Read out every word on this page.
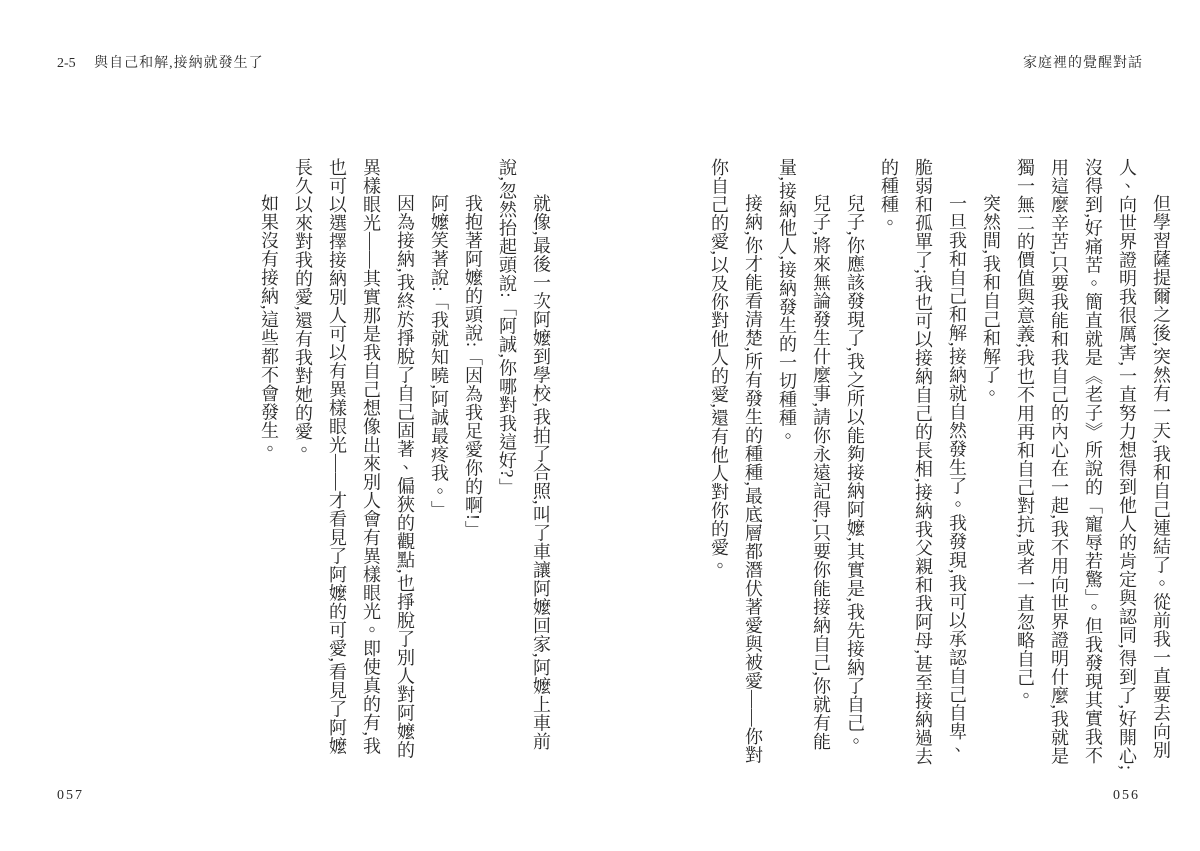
2-5 與自己和解,接納就發生了

就像,最後一次阿嬤到學校,我拍了合照,叫了車讓阿嬤回家,阿嬤上車前說,忽然抬起頭說:「阿誠,你哪對我這好?」

我抱著阿嬤的頭說:「因為我足愛你的啊!」

阿嬤笑著說:「我就知曉,阿誠最疼我。」

因為接納,我終於掙脫了自己固著、偏狹的觀點,也掙脫了別人對阿嬤的異樣眼光——其實那是我自己想像出來別人會有異樣眼光。即使真的有,我也可以選擇接納別人可以有異樣眼光——才看見了阿嬤的可愛,看見了阿嬤長久以來對我的愛,還有我對她的愛。

如果沒有接納,這些都不會發生。

057
家庭裡的覺醒對話

但學習薩提爾之後,突然有一天,我和自己連結了。從前我一直要去向別人、向世界證明我很厲害,一直努力想得到他人的肯定與認同,得到了,好開心;沒得到,好痛苦。簡直就是《老子》所說的「寵辱若驚」。但我發現其實我不用這麼辛苦,只要我能和我自己的內心在一起,我不用向世界證明什麼,我就是獨一無二的價值與意義;我也不用再和自己對抗,或者一直忽略自己。

突然間,我和自己和解了。

一旦我和自己和解,接納就自然發生了。我發現,我可以承認自己自卑、脆弱和孤單了;我也可以接納自己的長相,接納我父親和我阿母,甚至接納過去的種種。

兒子,你應該發現了,我之所以能夠接納阿嬤,其實是,我先接納了自己。

兒子,將來無論發生什麼事,請你永遠記得,只要你能接納自己,你就有能量,接納他人,接納發生的一切種種。

接納,你才能看清楚,所有發生的種種,最底層都潛伏著愛與被愛——你對你自己的愛,以及你對他人的愛,還有他人對你的愛。

056
